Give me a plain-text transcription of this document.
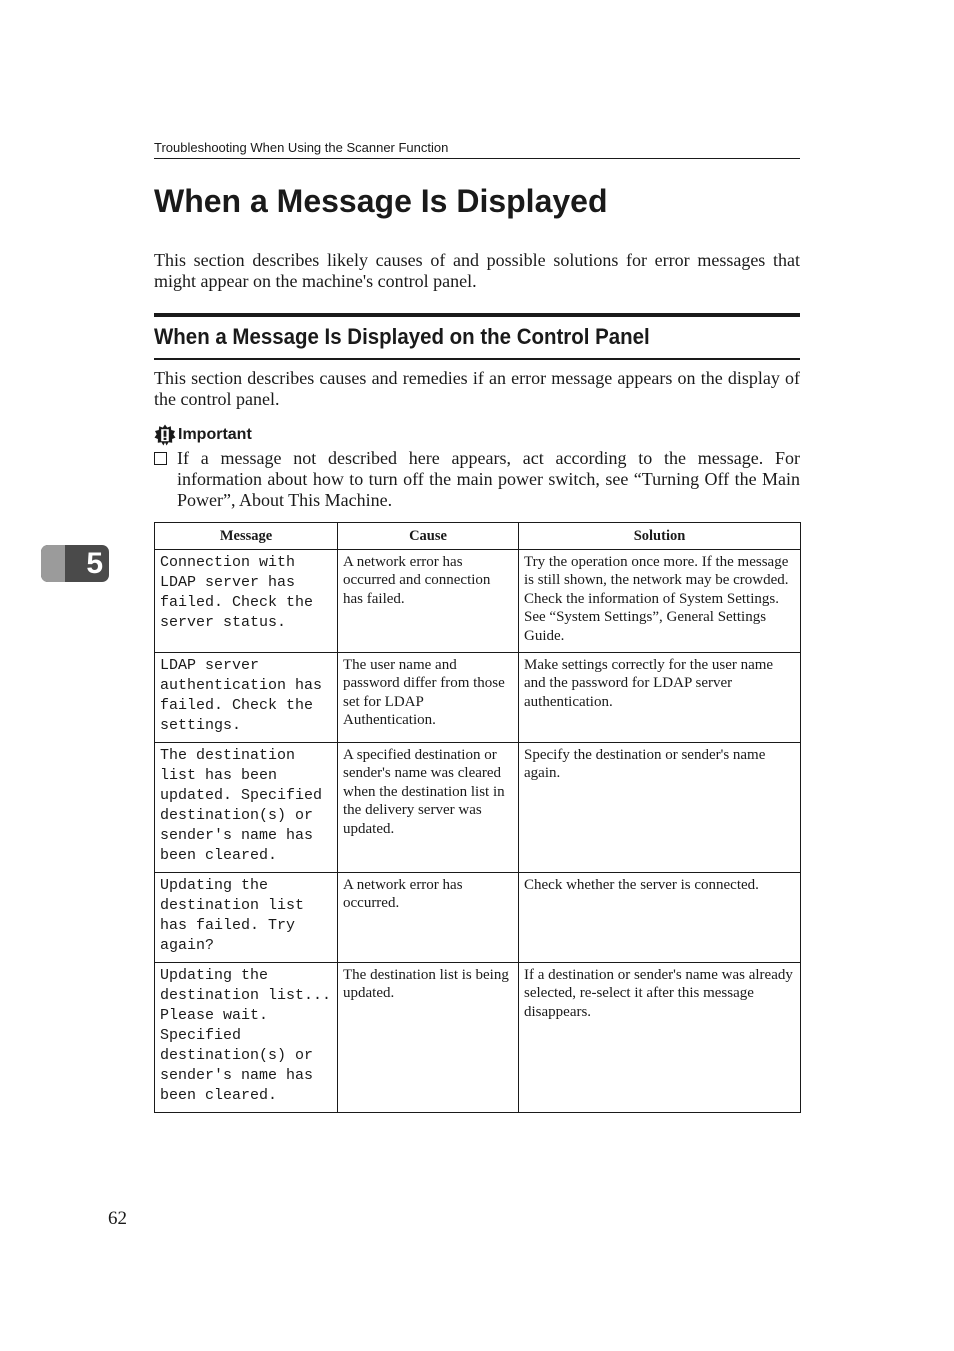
Troubleshooting When Using the Scanner Function
When a Message Is Displayed

This section describes likely causes of and possible solutions for error messages that might appear on the machine's control panel.

When a Message Is Displayed on the Control Panel

This section describes causes and remedies if an error message appears on the display of the control panel.

Important

If a message not described here appears, act according to the message. For information about how to turn off the main power switch, see “Turning Off the Main Power”, About This Machine.

Message	Cause	Solution
Connection with LDAP server has failed. Check the server status.	A network error has occurred and connection has failed.	Try the operation once more. If the message is still shown, the network may be crowded. Check the information of System Settings. See “System Settings”, General Settings Guide.
LDAP server authentication has failed. Check the settings.	The user name and password differ from those set for LDAP Authentication.	Make settings correctly for the user name and the password for LDAP server authentication.
The destination list has been updated. Specified destination(s) or sender's name has been cleared.	A specified destination or sender's name was cleared when the destination list in the delivery server was updated.	Specify the destination or sender's name again.
Updating the destination list has failed. Try again?	A network error has occurred.	Check whether the server is connected.
Updating the destination list... Please wait. Specified destination(s) or sender's name has been cleared.	The destination list is being updated.	If a destination or sender's name was already selected, re-select it after this message disappears.
5
62
